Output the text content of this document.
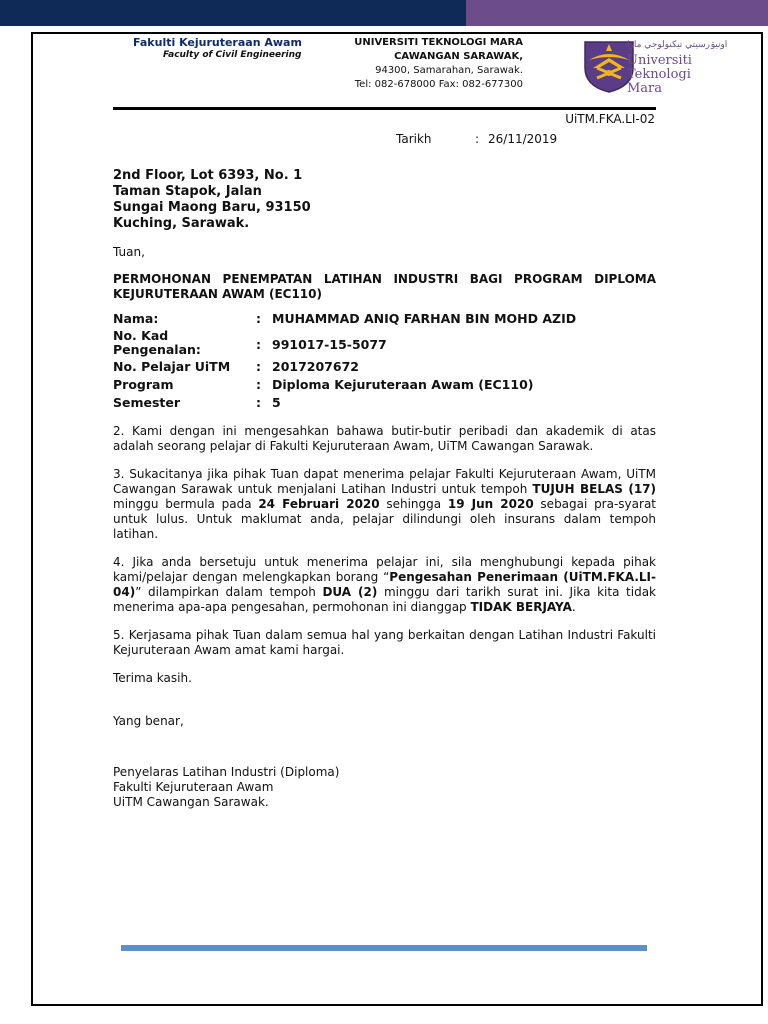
Fakulti Kejuruteraan Awam
Faculty of Civil Engineering
UNIVERSITI TEKNOLOGI MARA
CAWANGAN SARAWAK,
94300, Samarahan, Sarawak.
Tel: 082-678000 Fax: 082-677300
اونيۏرسيتي تيكنولوجي مارا
Universiti
Teknologi
Mara
UiTM.FKA.LI-02
Tarikh	: 26/11/2019
2nd Floor, Lot 6393, No. 1
Taman Stapok, Jalan
Sungai Maong Baru, 93150
Kuching, Sarawak.
Tuan,
PERMOHONAN PENEMPATAN LATIHAN INDUSTRI BAGI PROGRAM DIPLOMA KEJURUTERAAN AWAM (EC110)
Nama:	: MUHAMMAD ANIQ FARHAN BIN MOHD AZID
No. Kad
Pengenalan:	: 991017-15-5077
No. Pelajar UiTM	: 2017207672
Program	: Diploma Kejuruteraan Awam (EC110)
Semester	: 5

2. Kami dengan ini mengesahkan bahawa butir-butir peribadi dan akademik di atas adalah seorang pelajar di Fakulti Kejuruteraan Awam, UiTM Cawangan Sarawak.

3. Sukacitanya jika pihak Tuan dapat menerima pelajar Fakulti Kejuruteraan Awam, UiTM Cawangan Sarawak untuk menjalani Latihan Industri untuk tempoh TUJUH BELAS (17) minggu bermula pada 24 Februari 2020 sehingga 19 Jun 2020 sebagai pra-syarat untuk lulus. Untuk maklumat anda, pelajar dilindungi oleh insurans dalam tempoh latihan.

4. Jika anda bersetuju untuk menerima pelajar ini, sila menghubungi kepada pihak kami/pelajar dengan melengkapkan borang “Pengesahan Penerimaan (UiTM.FKA.LI-04)” dilampirkan dalam tempoh DUA (2) minggu dari tarikh surat ini. Jika kita tidak menerima apa-apa pengesahan, permohonan ini dianggap TIDAK BERJAYA.

5. Kerjasama pihak Tuan dalam semua hal yang berkaitan dengan Latihan Industri Fakulti Kejuruteraan Awam amat kami hargai.

Terima kasih.

Yang benar,

Penyelaras Latihan Industri (Diploma)
Fakulti Kejuruteraan Awam
UiTM Cawangan Sarawak.
